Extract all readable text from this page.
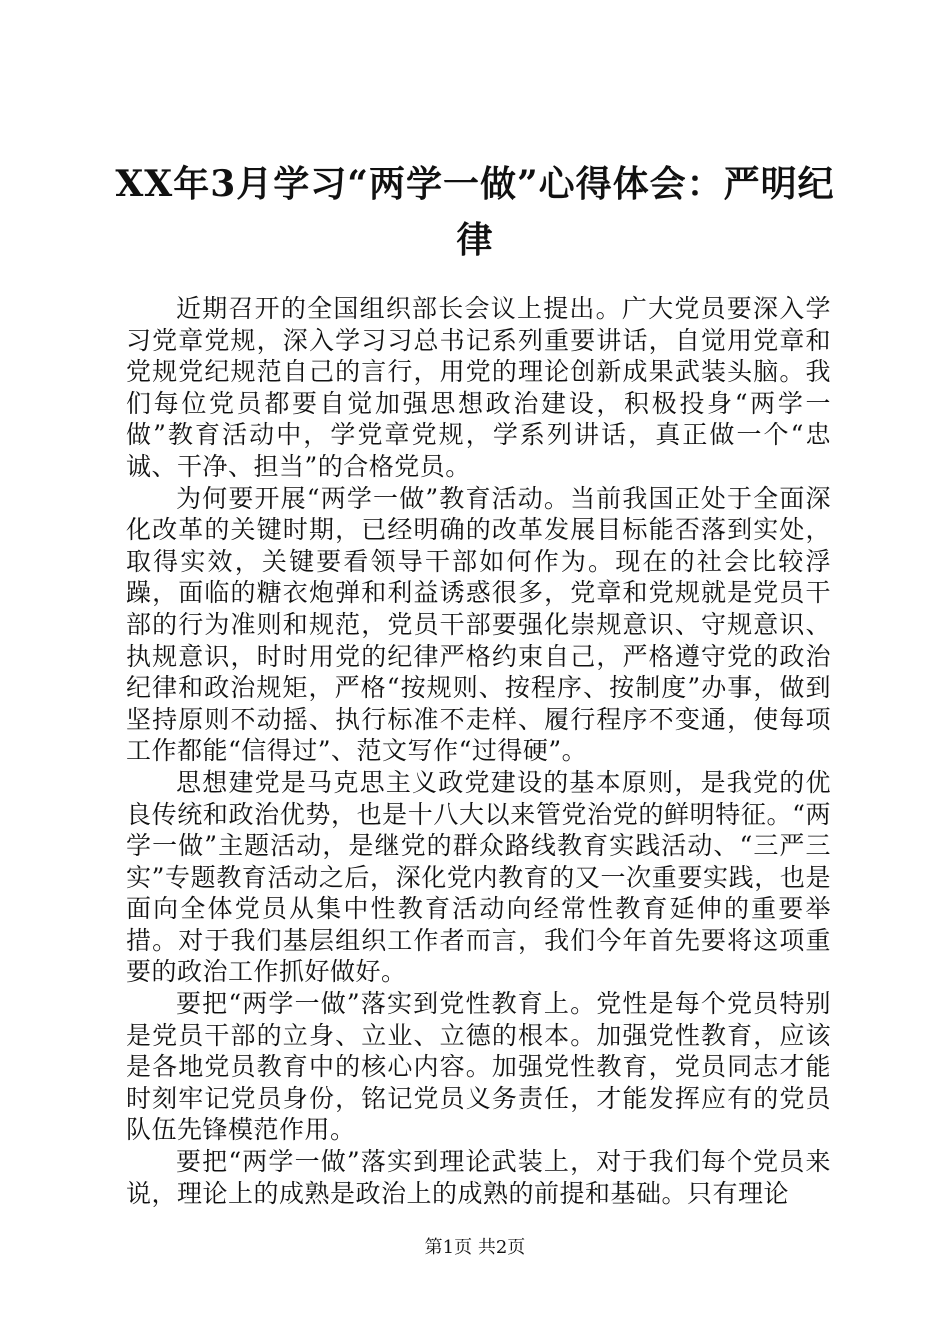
XX年3月学习“两学一做”心得体会：严明纪律

近期召开的全国组织部长会议上提出。广大党员要深入学习党章党规，深入学习习总书记系列重要讲话，自觉用党章和党规党纪规范自己的言行，用党的理论创新成果武装头脑。我们每位党员都要自觉加强思想政治建设，积极投身“两学一做”教育活动中，学党章党规，学系列讲话，真正做一个“忠诚、干净、担当”的合格党员。

为何要开展“两学一做”教育活动。当前我国正处于全面深化改革的关键时期，已经明确的改革发展目标能否落到实处，取得实效，关键要看领导干部如何作为。现在的社会比较浮躁，面临的糖衣炮弹和利益诱惑很多，党章和党规就是党员干部的行为准则和规范，党员干部要强化崇规意识、守规意识、执规意识，时时用党的纪律严格约束自己，严格遵守党的政治纪律和政治规矩，严格“按规则、按程序、按制度”办事，做到坚持原则不动摇、执行标准不走样、履行程序不变通，使每项工作都能“信得过”、范文写作“过得硬”。

思想建党是马克思主义政党建设的基本原则，是我党的优良传统和政治优势，也是十八大以来管党治党的鲜明特征。“两学一做”主题活动，是继党的群众路线教育实践活动、“三严三实”专题教育活动之后，深化党内教育的又一次重要实践，也是面向全体党员从集中性教育活动向经常性教育延伸的重要举措。对于我们基层组织工作者而言，我们今年首先要将这项重要的政治工作抓好做好。

要把“两学一做”落实到党性教育上。党性是每个党员特别是党员干部的立身、立业、立德的根本。加强党性教育，应该是各地党员教育中的核心内容。加强党性教育，党员同志才能时刻牢记党员身份，铭记党员义务责任，才能发挥应有的党员队伍先锋模范作用。

要把“两学一做”落实到理论武装上，对于我们每个党员来说，理论上的成熟是政治上的成熟的前提和基础。只有理论

第1页 共2页
